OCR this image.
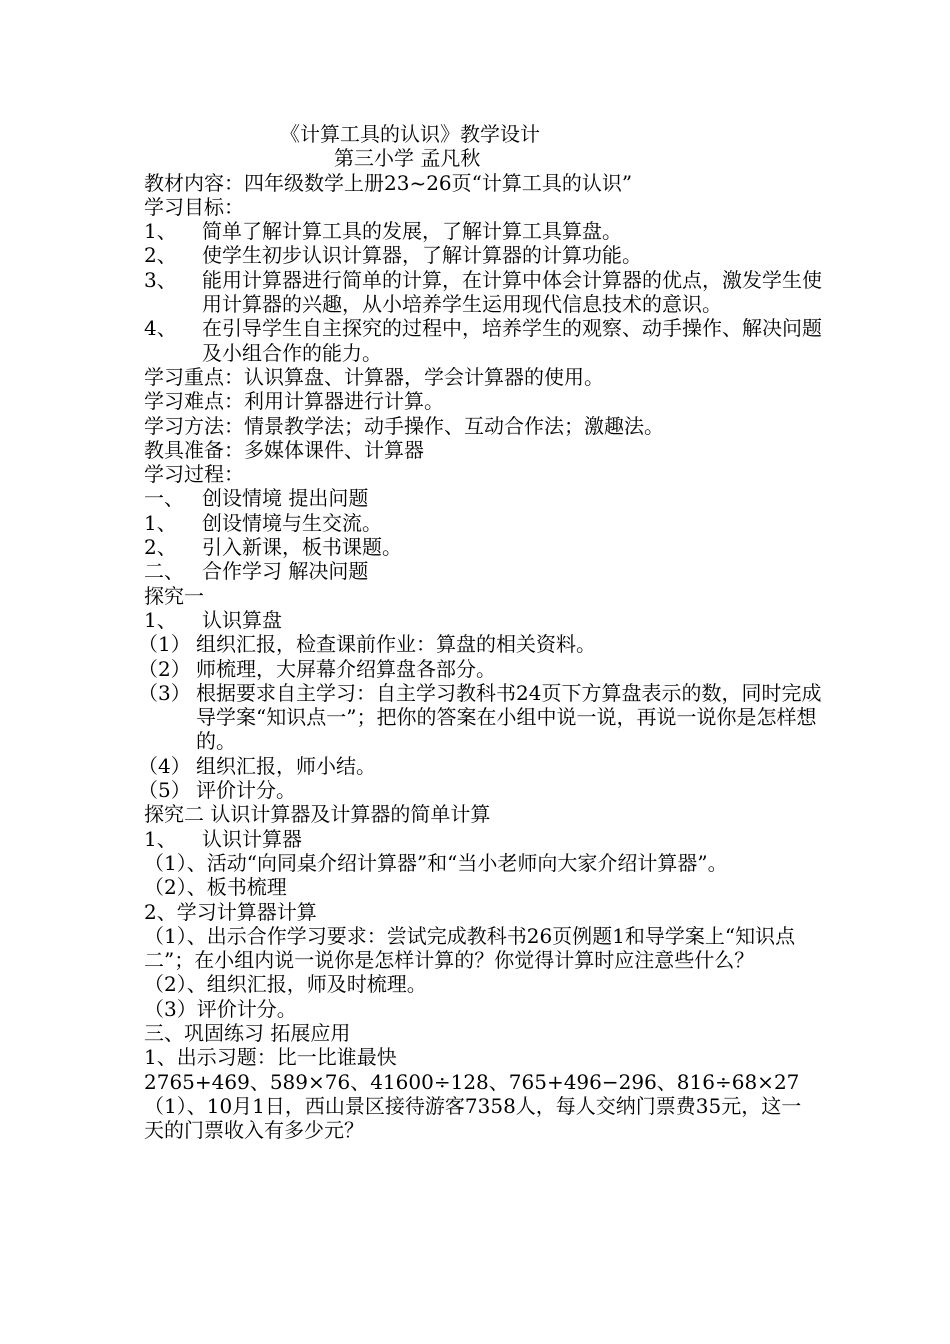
《计算工具的认识》教学设计
第三小学 孟凡秋
教材内容：四年级数学上册23~26页“计算工具的认识”
学习目标：
1、	简单了解计算工具的发展，了解计算工具算盘。
2、	使学生初步认识计算器，了解计算器的计算功能。
3、	能用计算器进行简单的计算，在计算中体会计算器的优点，激发学生使用计算器的兴趣，从小培养学生运用现代信息技术的意识。
4、	在引导学生自主探究的过程中，培养学生的观察、动手操作、解决问题及小组合作的能力。
学习重点：认识算盘、计算器，学会计算器的使用。
学习难点：利用计算器进行计算。
学习方法：情景教学法；动手操作、互动合作法；激趣法。
教具准备：多媒体课件、计算器
学习过程：
一、 创设情境 提出问题
1、	创设情境与生交流。
2、	引入新课，板书课题。
二、 合作学习 解决问题
探究一
1、	认识算盘
（1） 组织汇报，检查课前作业：算盘的相关资料。
（2） 师梳理，大屏幕介绍算盘各部分。
（3） 根据要求自主学习：自主学习教科书24页下方算盘表示的数，同时完成导学案“知识点一”；把你的答案在小组中说一说，再说一说你是怎样想的。
（4） 组织汇报，师小结。
（5） 评价计分。
探究二 认识计算器及计算器的简单计算
1、	认识计算器
（1）、活动“向同桌介绍计算器”和“当小老师向大家介绍计算器”。
（2）、板书梳理
2、学习计算器计算
（1）、出示合作学习要求：尝试完成教科书26页例题1和导学案上“知识点二”；在小组内说一说你是怎样计算的？你觉得计算时应注意些什么？
（2）、组织汇报，师及时梳理。
（3）评价计分。
三、巩固练习 拓展应用
1、出示习题：比一比谁最快
2765+469、589×76、41600÷128、765+496−296、816÷68×27
（1）、10月1日，西山景区接待游客7358人，每人交纳门票费35元，这一天的门票收入有多少元？
